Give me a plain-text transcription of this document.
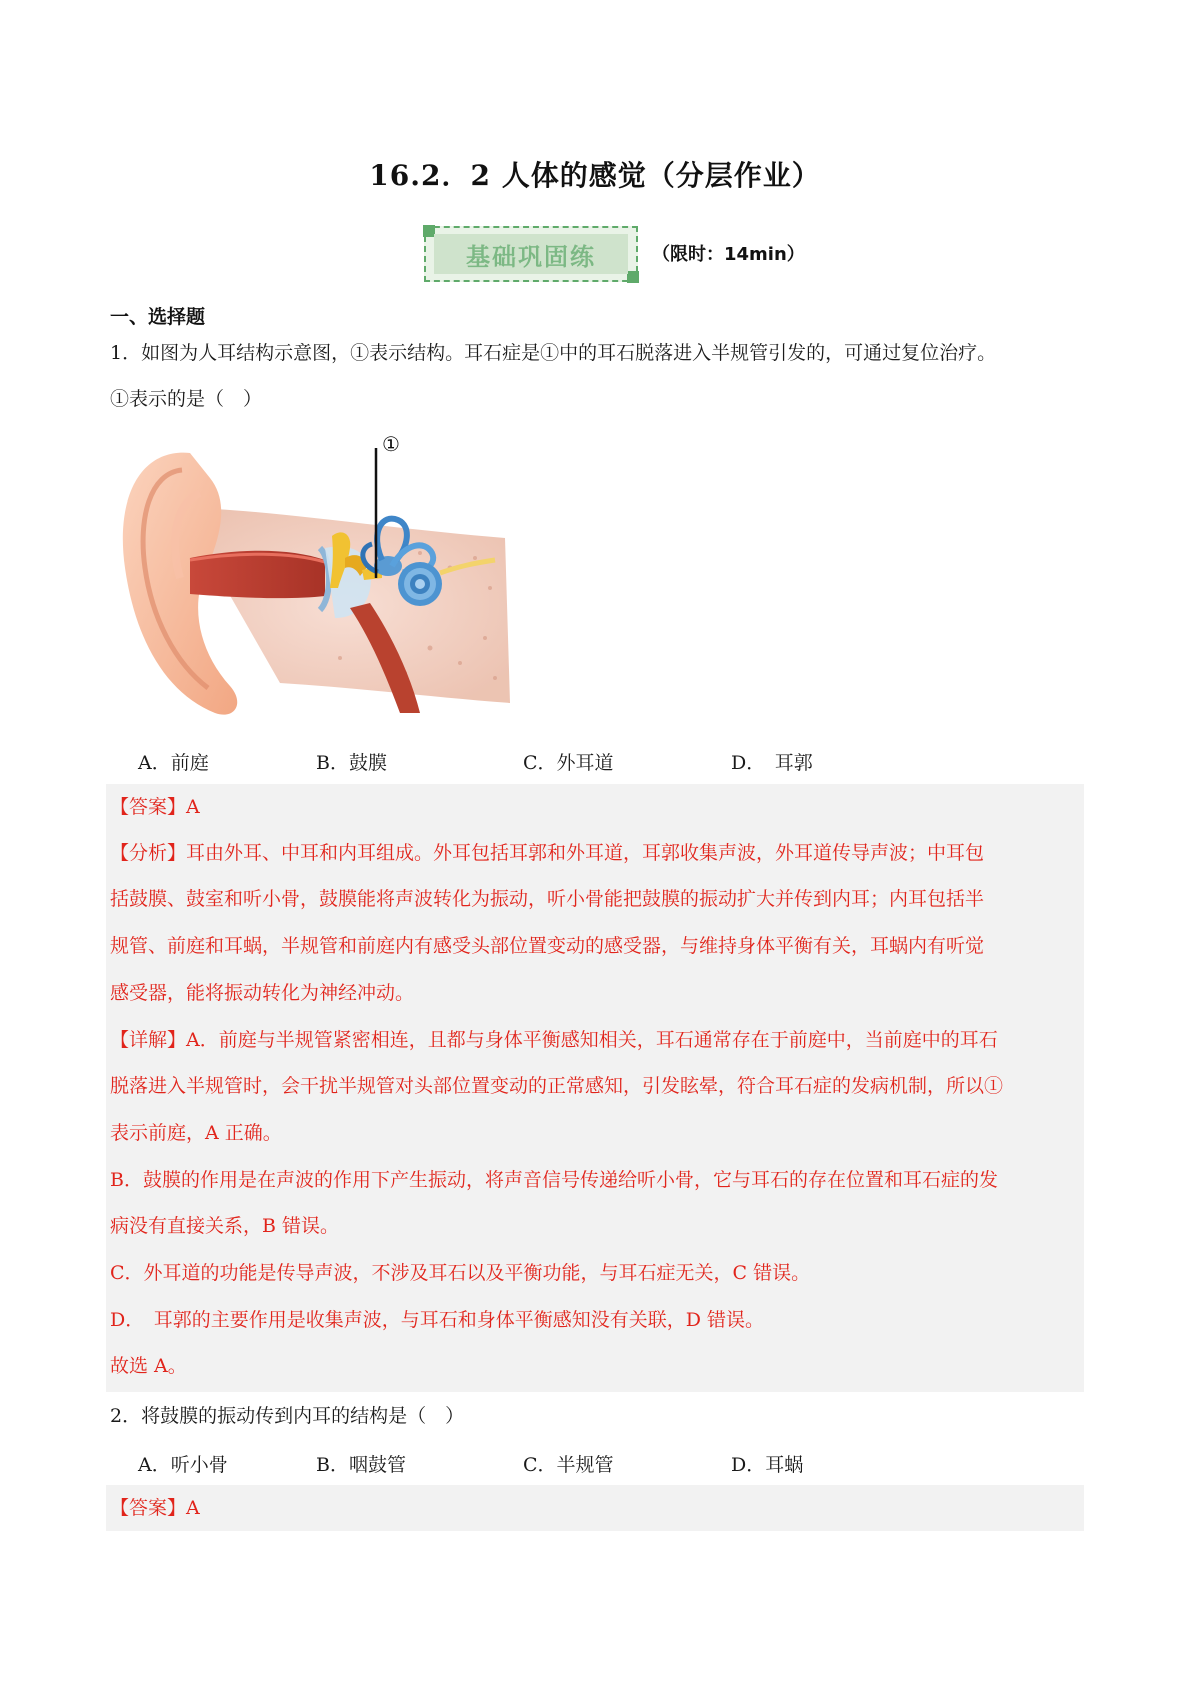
16.2．2 人体的感觉（分层作业）
基础巩固练	（限时：14min）
一、选择题
1．如图为人耳结构示意图，①表示结构。耳石症是①中的耳石脱落进入半规管引发的，可通过复位治疗。
①表示的是（　）
①
A．前庭	B．鼓膜	C．外耳道	D．　耳郭
【答案】A
【分析】耳由外耳、中耳和内耳组成。外耳包括耳郭和外耳道，耳郭收集声波，外耳道传导声波；中耳包
括鼓膜、鼓室和听小骨，鼓膜能将声波转化为振动，听小骨能把鼓膜的振动扩大并传到内耳；内耳包括半
规管、前庭和耳蜗，半规管和前庭内有感受头部位置变动的感受器，与维持身体平衡有关，耳蜗内有听觉
感受器，能将振动转化为神经冲动。
【详解】A．前庭与半规管紧密相连，且都与身体平衡感知相关，耳石通常存在于前庭中，当前庭中的耳石
脱落进入半规管时，会干扰半规管对头部位置变动的正常感知，引发眩晕，符合耳石症的发病机制，所以①
表示前庭，A 正确。
B．鼓膜的作用是在声波的作用下产生振动，将声音信号传递给听小骨，它与耳石的存在位置和耳石症的发
病没有直接关系，B 错误。
C．外耳道的功能是传导声波，不涉及耳石以及平衡功能，与耳石症无关，C 错误。
D．　耳郭的主要作用是收集声波，与耳石和身体平衡感知没有关联，D 错误。
故选 A。
2．将鼓膜的振动传到内耳的结构是（　）
A．听小骨	B．咽鼓管	C．半规管	D．耳蜗
【答案】A
